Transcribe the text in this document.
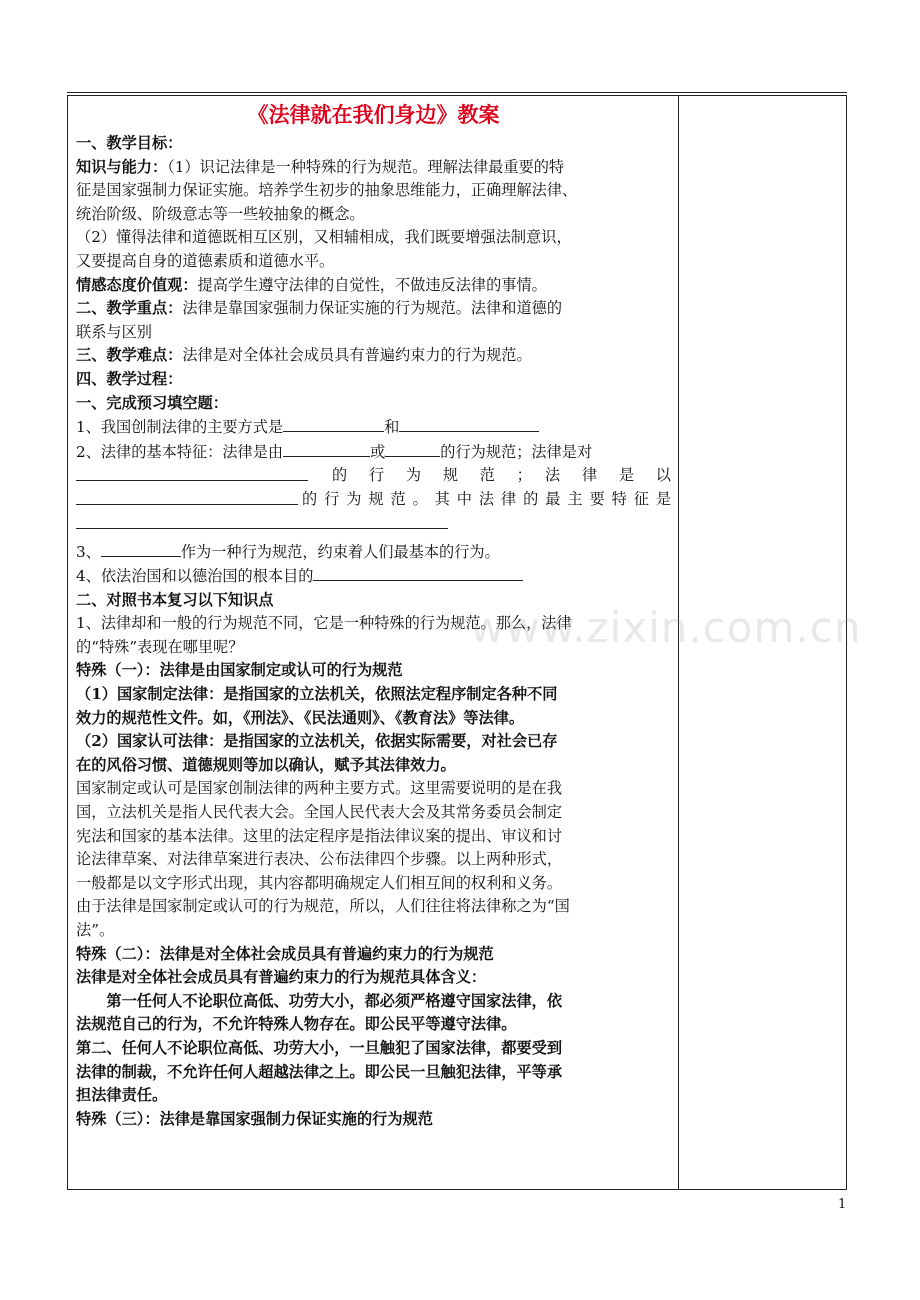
《法律就在我们身边》教案
一、教学目标：
知识与能力：（1）识记法律是一种特殊的行为规范。理解法律最重要的特
征是国家强制力保证实施。培养学生初步的抽象思维能力，正确理解法律、
统治阶级、阶级意志等一些较抽象的概念。
（2）懂得法律和道德既相互区别，又相辅相成，我们既要增强法制意识，
又要提高自身的道德素质和道德水平。
情感态度价值观：提高学生遵守法律的自觉性，不做违反法律的事情。
二、教学重点：法律是靠国家强制力保证实施的行为规范。法律和道德的
联系与区别
三、教学难点：法律是对全体社会成员具有普遍约束力的行为规范。
四、教学过程：
一、完成预习填空题：
1、我国创制法律的主要方式是	和
2、法律的基本特征：法律是由	或	的行为规范；法律是对
的 行 为 规 范 ； 法 律 是 以
的行为规范。其中法律的最主要特征是
3、	作为一种行为规范，约束着人们最基本的行为。
4、依法治国和以德治国的根本目的
二、对照书本复习以下知识点
1、法律却和一般的行为规范不同，它是一种特殊的行为规范。那么，法律
的“特殊”表现在哪里呢？
特殊（一）：法律是由国家制定或认可的行为规范
（1）国家制定法律：是指国家的立法机关，依照法定程序制定各种不同
效力的规范性文件。如，《刑法》、《民法通则》、《教育法》等法律。
（2）国家认可法律：是指国家的立法机关，依据实际需要，对社会已存
在的风俗习惯、道德规则等加以确认，赋予其法律效力。
国家制定或认可是国家创制法律的两种主要方式。这里需要说明的是在我
国，立法机关是指人民代表大会。全国人民代表大会及其常务委员会制定
宪法和国家的基本法律。这里的法定程序是指法律议案的提出、审议和讨
论法律草案、对法律草案进行表决、公布法律四个步骤。以上两种形式，
一般都是以文字形式出现，其内容都明确规定人们相互间的权利和义务。
由于法律是国家制定或认可的行为规范，所以，人们往往将法律称之为“国
法”。
特殊（二）：法律是对全体社会成员具有普遍约束力的行为规范
法律是对全体社会成员具有普遍约束力的行为规范具体含义：
第一任何人不论职位高低、功劳大小，都必须严格遵守国家法律，依
法规范自己的行为，不允许特殊人物存在。即公民平等遵守法律。
第二、任何人不论职位高低、功劳大小，一旦触犯了国家法律，都要受到
法律的制裁，不允许任何人超越法律之上。即公民一旦触犯法律，平等承
担法律责任。
特殊（三）：法律是靠国家强制力保证实施的行为规范
www.zixin.com.cn
1
